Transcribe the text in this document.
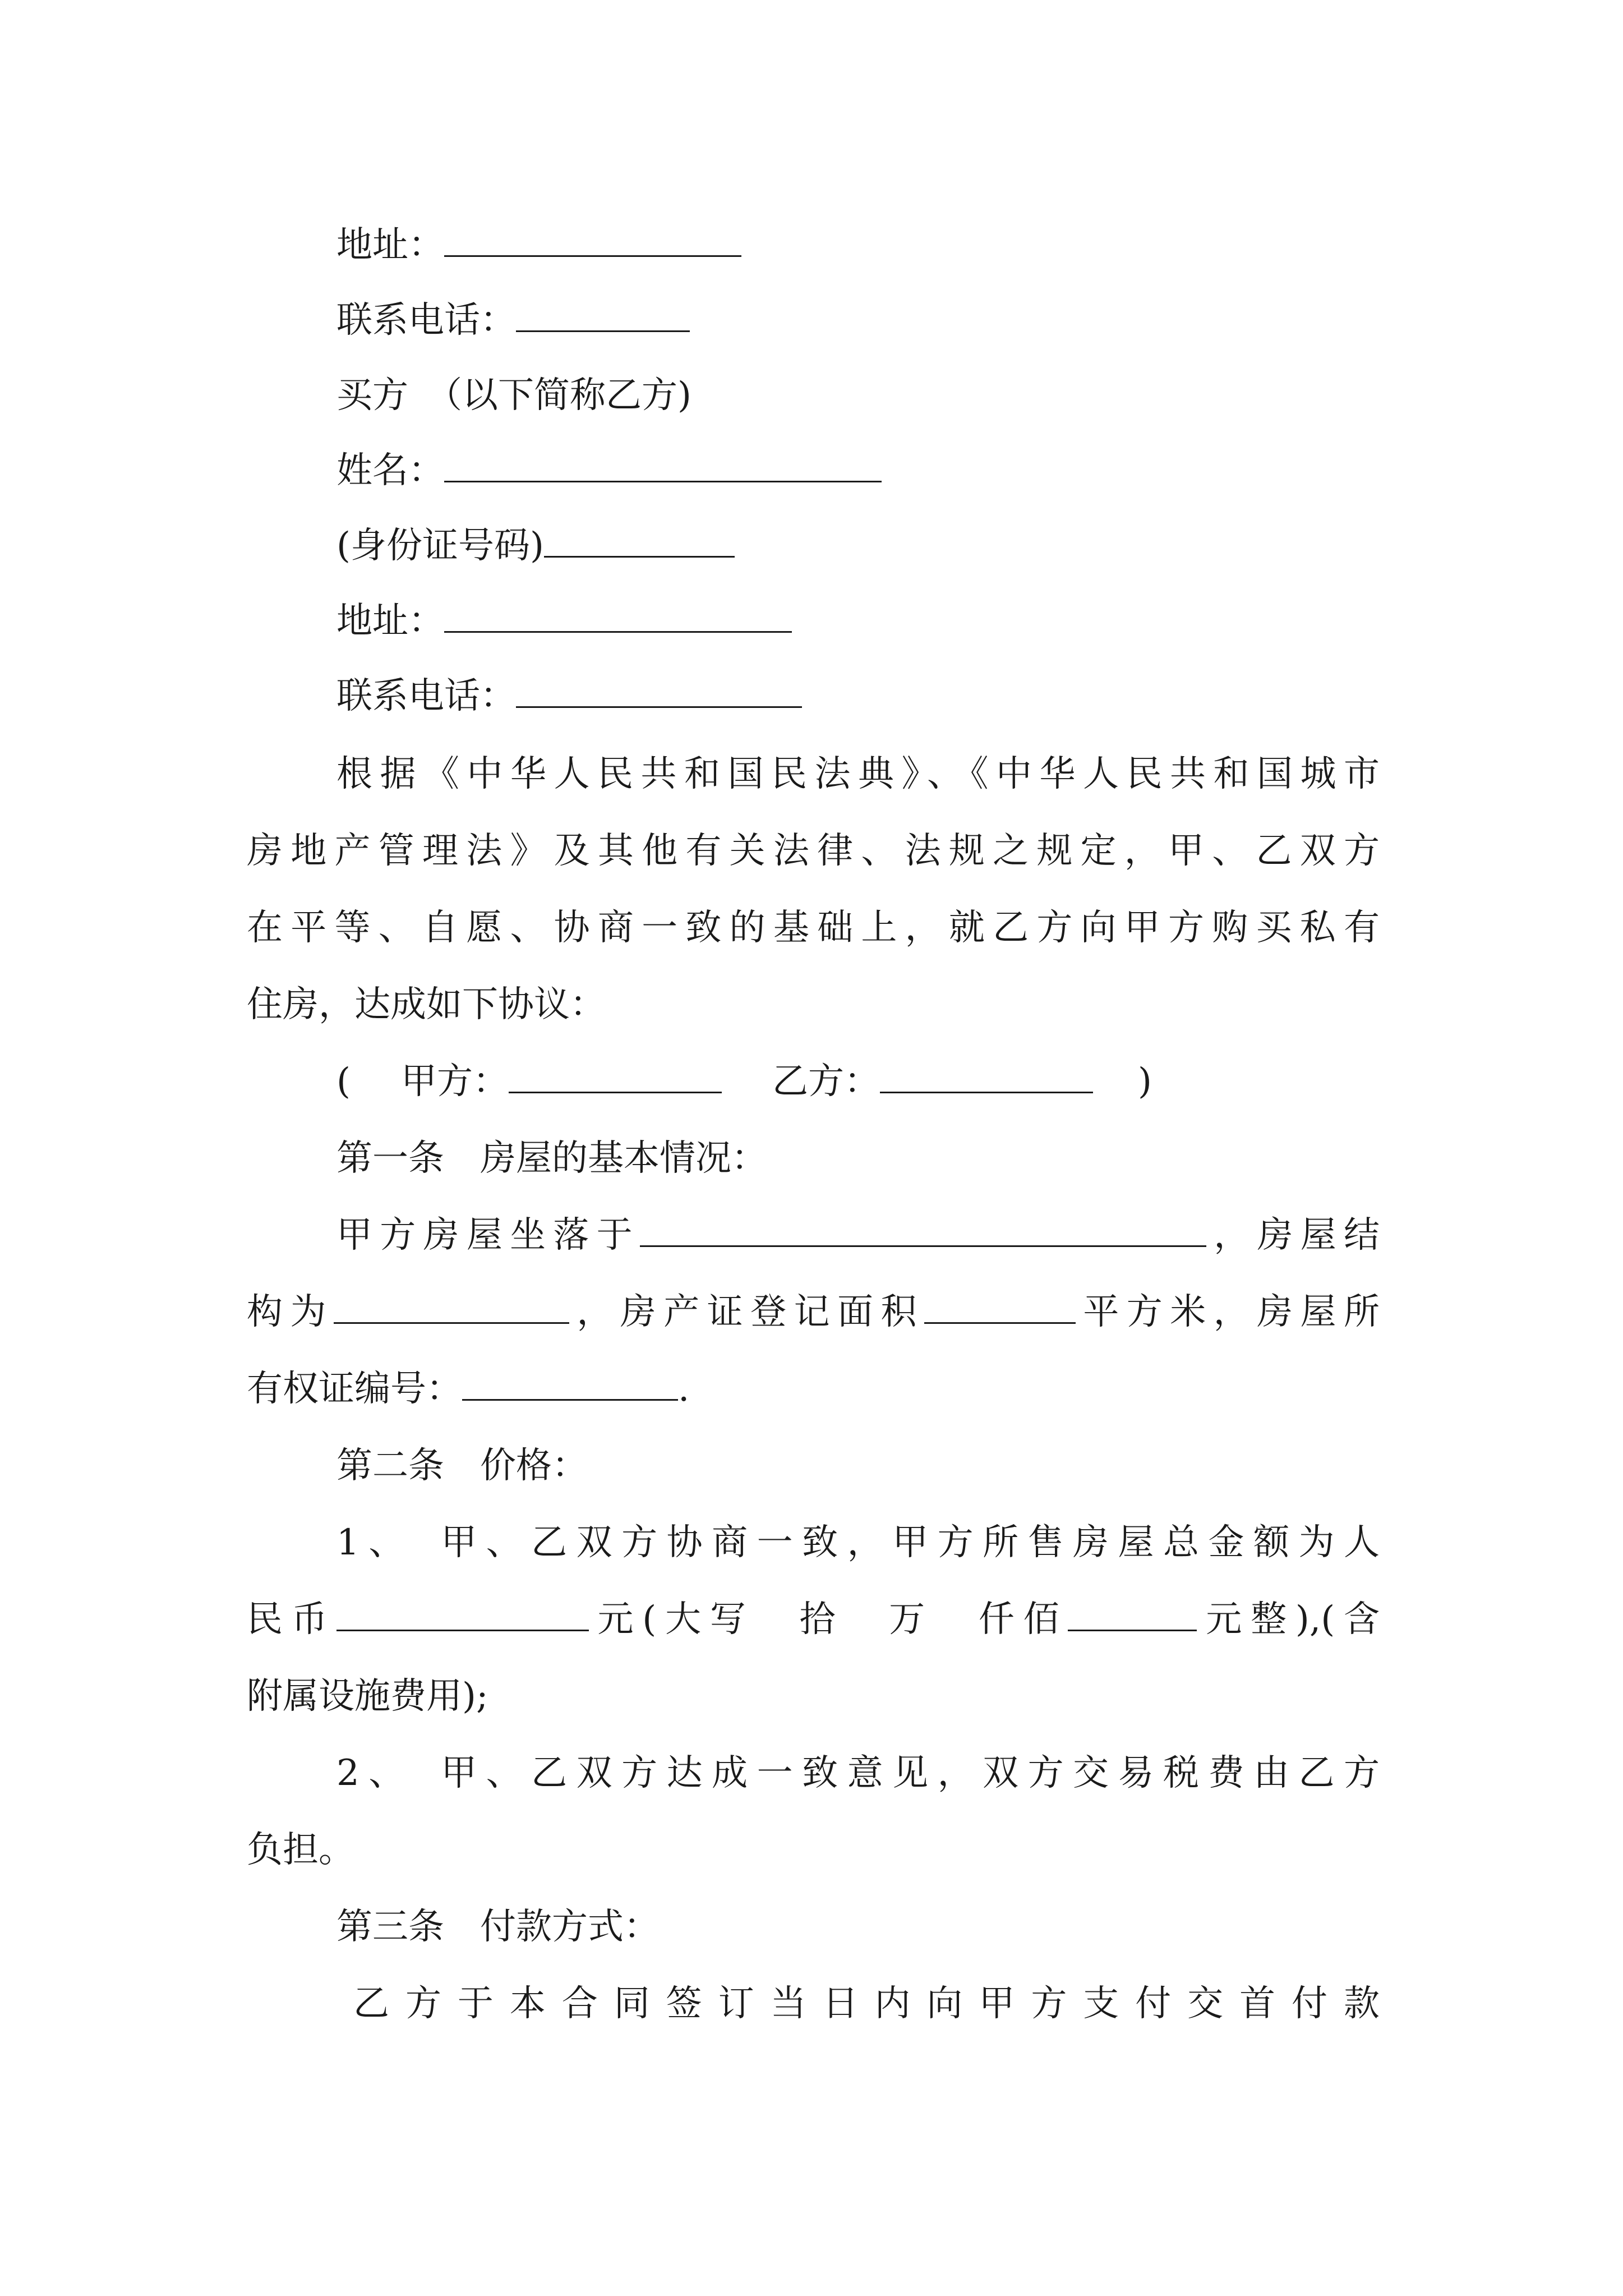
地址：
联系电话：
买方　（以下简称乙方)
姓名：
(身份证号码)
地址：
联系电话：
根据《中华人民共和国民法典》、《中华人民共和国城市
房地产管理法》及其他有关法律、法规之规定，甲、乙双方
在平等、自愿、协商一致的基础上，就乙方向甲方购买私有
住房，达成如下协议：
( 甲方：	乙方：	)
第一条　房屋的基本情况：
甲方房屋坐落于	，房屋结
构为	，房产证登记面积	平方米，房屋所
有权证编号：	.
第二条　价格：
1、　甲、乙双方协商一致，甲方所售房屋总金额为人
民币	元(大写　拾　万　仟佰	元整),(含
附属设施费用);
2、　甲、乙双方达成一致意见，双方交易税费由乙方
负担。
第三条　付款方式：
乙方于本合同签订当日内向甲方支付交首付款
